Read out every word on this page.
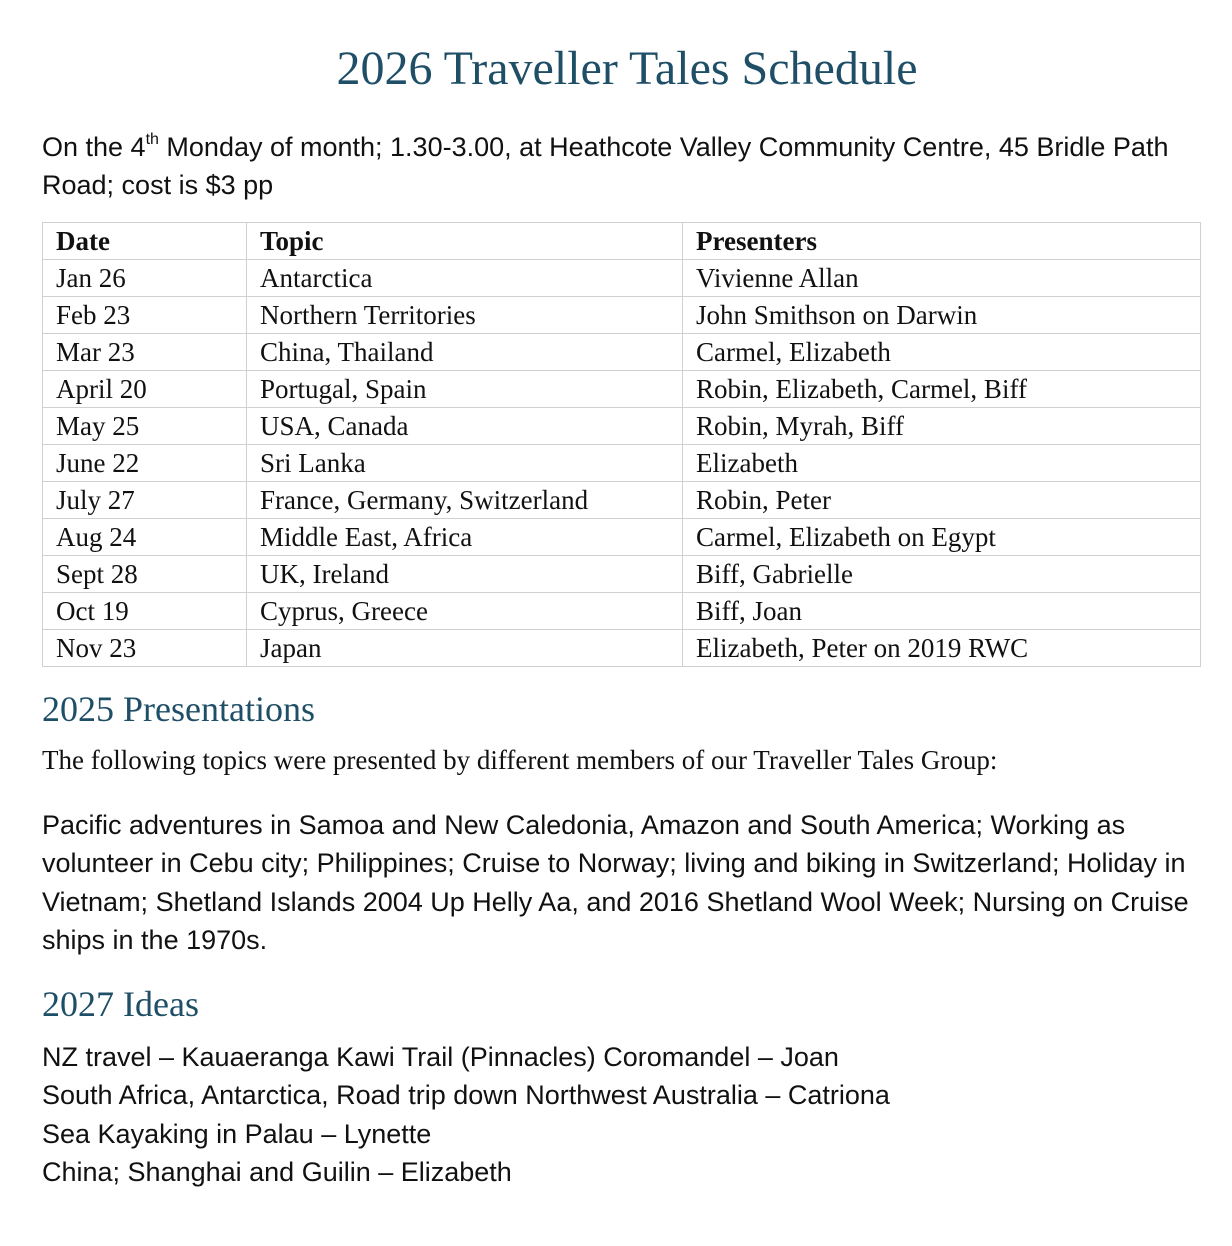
2026 Traveller Tales Schedule

On the 4th Monday of month; 1.30-3.00, at Heathcote Valley Community Centre, 45 Bridle Path Road; cost is $3 pp

Date	Topic	Presenters
Jan 26	Antarctica	Vivienne Allan
Feb 23	Northern Territories	John Smithson on Darwin
Mar 23	China, Thailand	Carmel, Elizabeth
April 20	Portugal, Spain	Robin, Elizabeth, Carmel, Biff
May 25	USA, Canada	Robin, Myrah, Biff
June 22	Sri Lanka	Elizabeth
July 27	France, Germany, Switzerland	Robin, Peter
Aug 24	Middle East, Africa	Carmel, Elizabeth on Egypt
Sept 28	UK, Ireland	Biff, Gabrielle
Oct 19	Cyprus, Greece	Biff, Joan
Nov 23	Japan	Elizabeth, Peter on 2019 RWC
2025 Presentations

The following topics were presented by different members of our Traveller Tales Group:

Pacific adventures in Samoa and New Caledonia, Amazon and South America; Working as volunteer in Cebu city; Philippines; Cruise to Norway; living and biking in Switzerland; Holiday in Vietnam; Shetland Islands 2004 Up Helly Aa, and 2016 Shetland Wool Week; Nursing on Cruise ships in the 1970s.

2027 Ideas
NZ travel – Kauaeranga Kawi Trail (Pinnacles) Coromandel – Joan
South Africa, Antarctica, Road trip down Northwest Australia – Catriona
Sea Kayaking in Palau – Lynette
China; Shanghai and Guilin – Elizabeth
